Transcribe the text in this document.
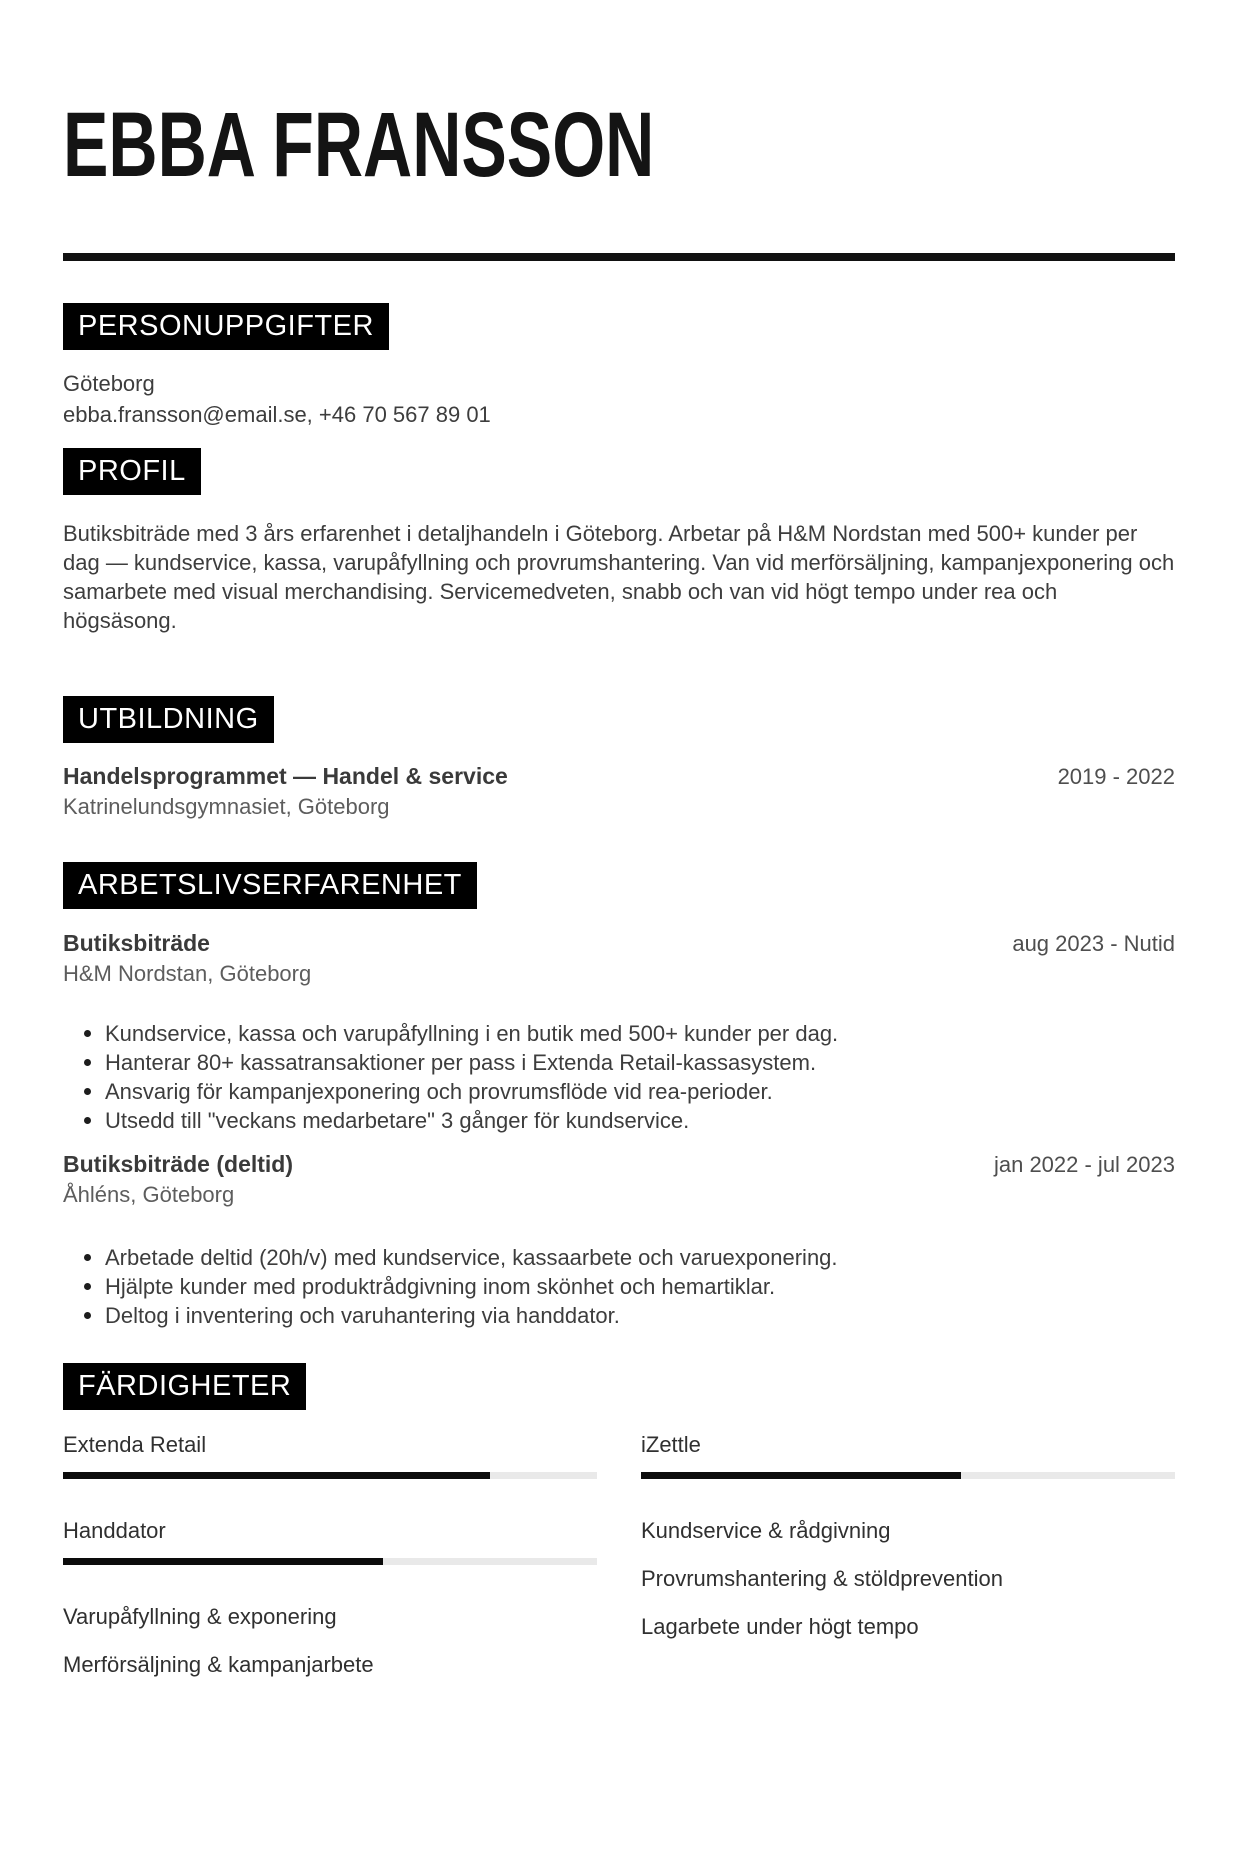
EBBA FRANSSON
PERSONUPPGIFTER
Göteborg
ebba.fransson@email.se, +46 70 567 89 01
PROFIL

Butiksbiträde med 3 års erfarenhet i detaljhandeln i Göteborg. Arbetar på H&M Nordstan med 500+ kunder per dag — kundservice, kassa, varupåfyllning och provrumshantering. Van vid merförsäljning, kampanjexponering och samarbete med visual merchandising. Servicemedveten, snabb och van vid högt tempo under rea och högsäsong.

UTBILDNING
Handelsprogrammet — Handel & service	2019 - 2022
Katrinelundsgymnasiet, Göteborg
ARBETSLIVSERFARENHET
Butiksbiträde	aug 2023 - Nutid
H&M Nordstan, Göteborg
Kundservice, kassa och varupåfyllning i en butik med 500+ kunder per dag.
Hanterar 80+ kassatransaktioner per pass i Extenda Retail-kassasystem.
Ansvarig för kampanjexponering och provrumsflöde vid rea-perioder.
Utsedd till "veckans medarbetare" 3 gånger för kundservice.
Butiksbiträde (deltid)	jan 2022 - jul 2023
Åhléns, Göteborg
Arbetade deltid (20h/v) med kundservice, kassaarbete och varuexponering.
Hjälpte kunder med produktrådgivning inom skönhet och hemartiklar.
Deltog i inventering och varuhantering via handdator.
FÄRDIGHETER
Extenda Retail
Handdator
Varupåfyllning & exponering
Merförsäljning & kampanjarbete
iZettle
Kundservice & rådgivning
Provrumshantering & stöldprevention
Lagarbete under högt tempo
